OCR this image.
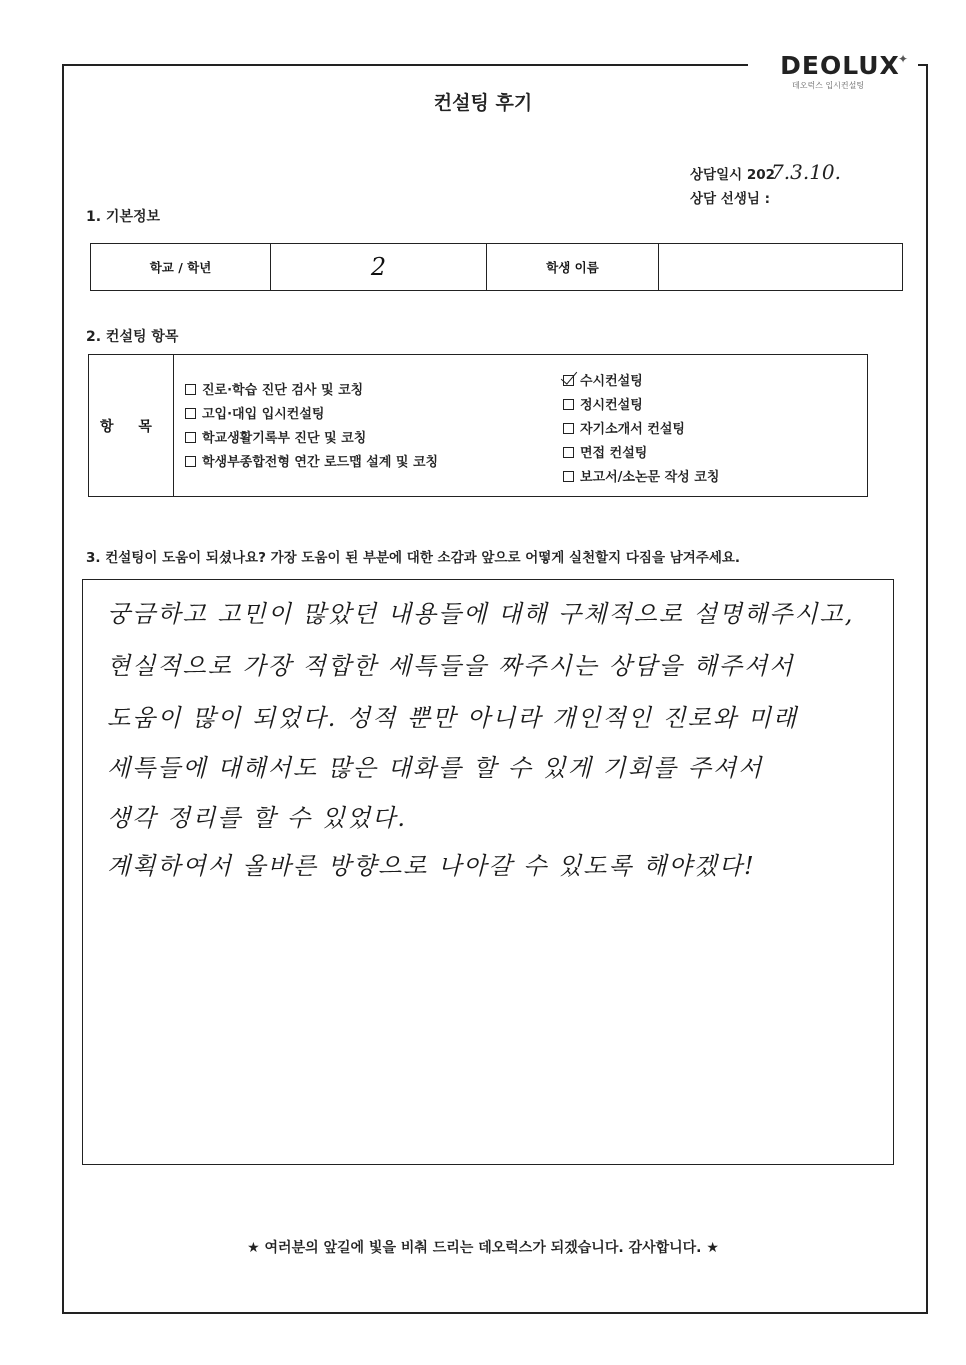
DEOLUX
✦
데오럭스 입시컨설팅
컨설팅 후기
상담일시 2027.3.10.
상담 선생님 :
1. 기본정보
학교 / 학년	2	학생 이름	
2. 컨설팅 항목
항 목
진로·학습 진단 검사 및 코칭
고입·대입 입시컨설팅
학교생활기록부 진단 및 코칭
학생부종합전형 연간 로드맵 설계 및 코칭
수시컨설팅
정시컨설팅
자기소개서 컨설팅
면접 컨설팅
보고서/소논문 작성 코칭
3. 컨설팅이 도움이 되셨나요? 가장 도움이 된 부분에 대한 소감과 앞으로 어떻게 실천할지 다짐을 남겨주세요.

궁금하고 고민이 많았던 내용들에 대해 구체적으로 설명해주시고,

현실적으로 가장 적합한 세특들을 짜주시는 상담을 해주셔서

도움이 많이 되었다. 성적 뿐만 아니라 개인적인 진로와 미래

세특들에 대해서도 많은 대화를 할 수 있게 기회를 주셔서

생각 정리를 할 수 있었다.

계획하여서 올바른 방향으로 나아갈 수 있도록 해야겠다!

★ 여러분의 앞길에 빛을 비춰 드리는 데오럭스가 되겠습니다. 감사합니다. ★
